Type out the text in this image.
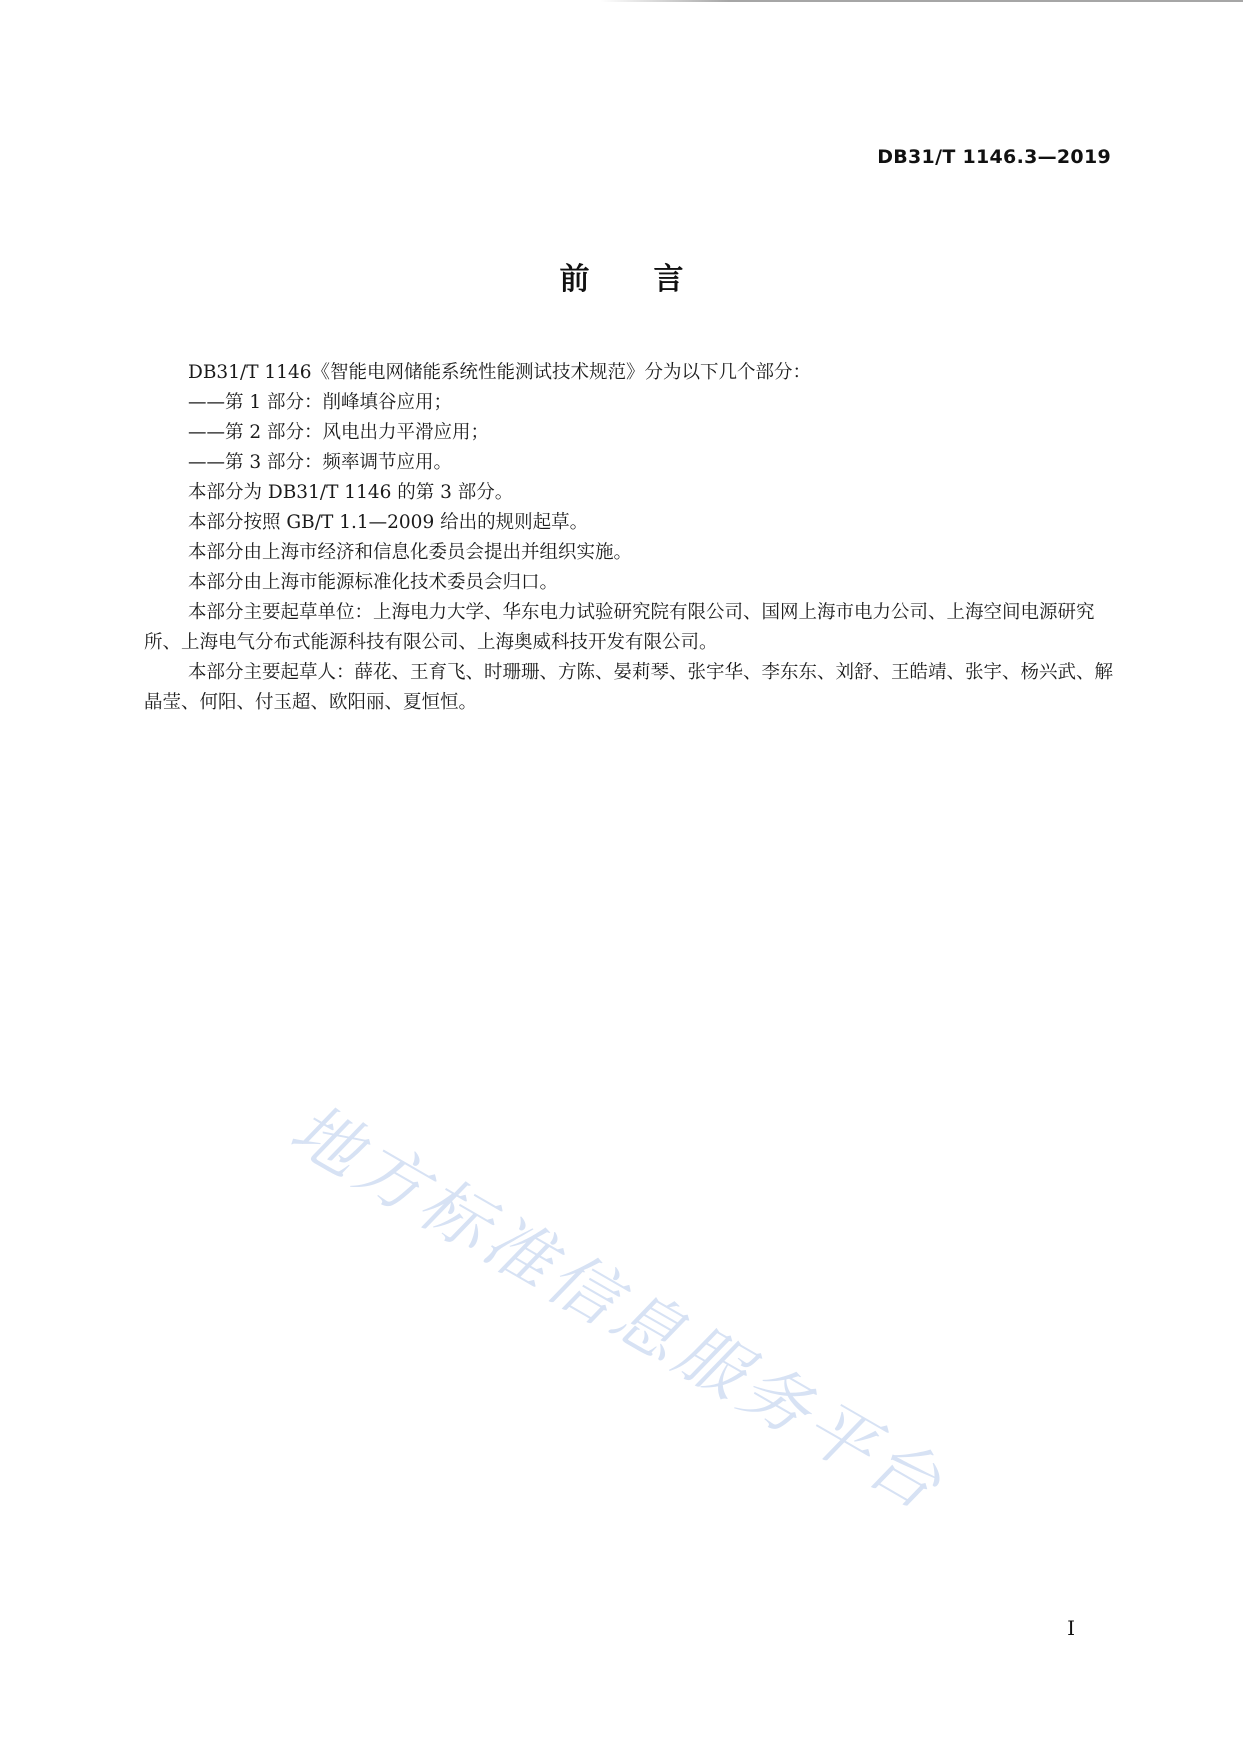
DB31/T 1146.3—2019
前言

DB31/T 1146《智能电网储能系统性能测试技术规范》分为以下几个部分：

——第 1 部分：削峰填谷应用；

——第 2 部分：风电出力平滑应用；

——第 3 部分：频率调节应用。

本部分为 DB31/T 1146 的第 3 部分。

本部分按照 GB/T 1.1—2009 给出的规则起草。

本部分由上海市经济和信息化委员会提出并组织实施。

本部分由上海市能源标准化技术委员会归口。

本部分主要起草单位：上海电力大学、华东电力试验研究院有限公司、国网上海市电力公司、上海空间电源研究所、上海电气分布式能源科技有限公司、上海奥威科技开发有限公司。

本部分主要起草人：薛花、王育飞、时珊珊、方陈、晏莉琴、张宇华、李东东、刘舒、王皓靖、张宇、杨兴武、解晶莹、何阳、付玉超、欧阳丽、夏恒恒。

地方标准信息服务平台
I
